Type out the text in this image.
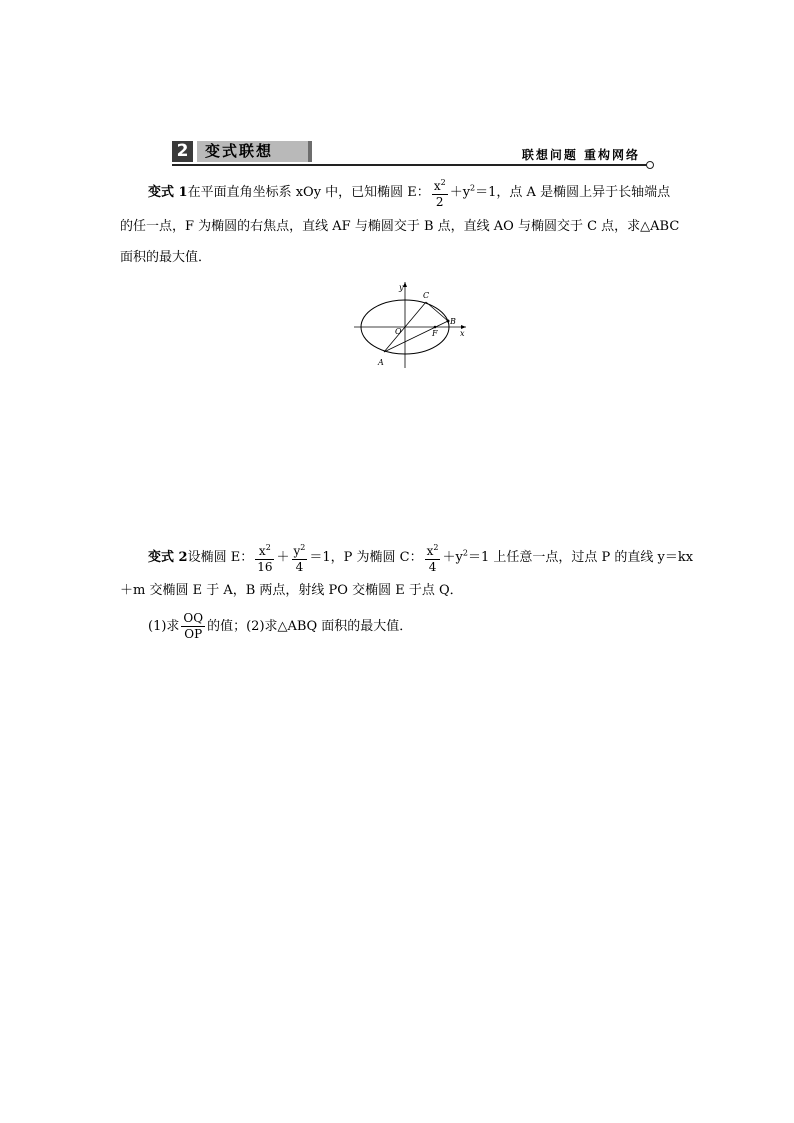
2	变式联想	联想问题 重构网络
变式 1在平面直角坐标系 xOy 中，已知椭圆 E： $\frac{x^2}{2} +y^2=1$，点 A 是椭圆上异于长轴端点
的任一点，F 为椭圆的右焦点，直线 AF 与椭圆交于 B 点，直线 AO 与椭圆交于 C 点，求△ABC
面积的最大值．
y
x
O
A
B
C
F
变式 2设椭圆 E： $\frac{x^2}{16} + \frac{y^2}{4} =1$，P 为椭圆 C： $\frac{x^2}{4} +y^2=1$ 上任意一点，过点 P 的直线 y＝kx
＋m 交椭圆 E 于 A，B 两点，射线 PO 交椭圆 E 于点 Q．
(1)求 $\frac{OQ}{OP}$ 的值；(2)求△ABQ 面积的最大值．
